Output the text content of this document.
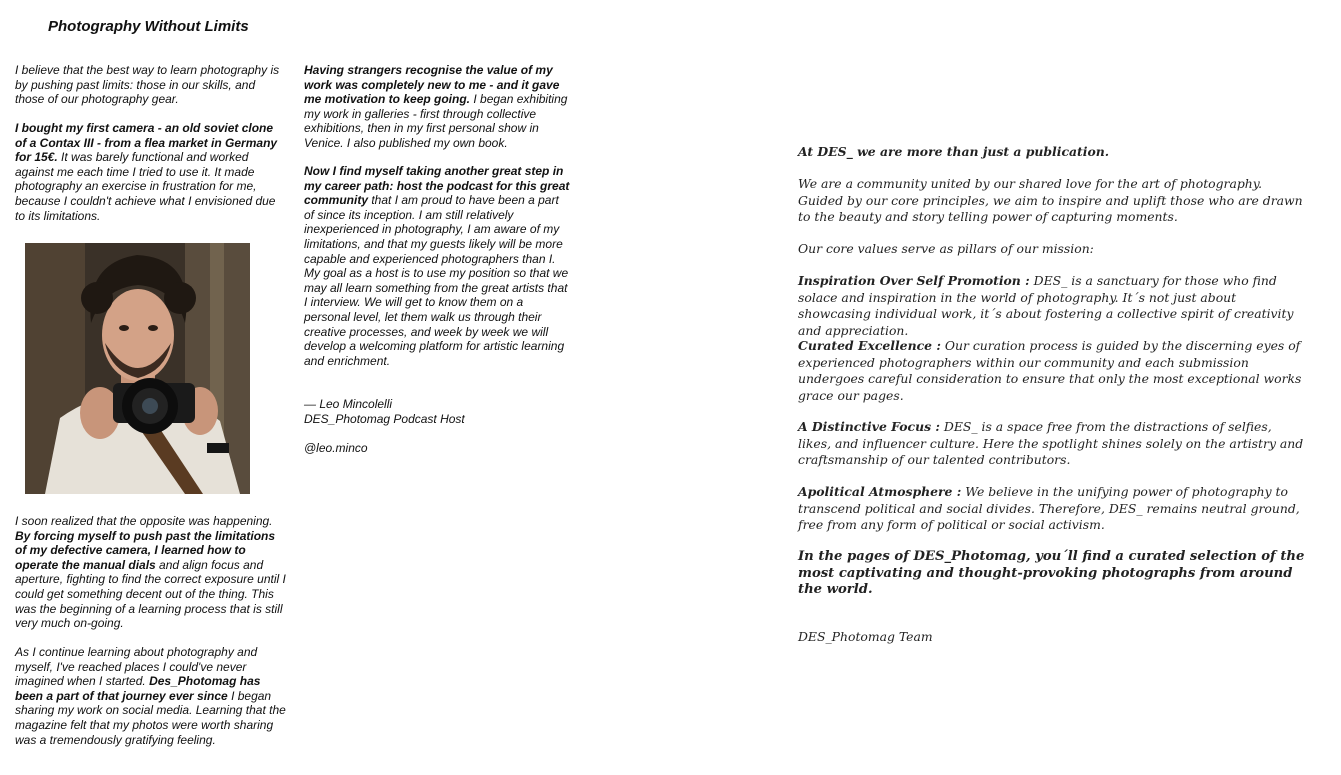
Photography Without Limits
I believe that the best way to learn photography is by pushing past limits: those in our skills, and those of our photography gear.
I bought my first camera - an old soviet clone of a Contax III - from a flea market in Germany for 15€. It was barely functional and worked against me each time I tried to use it. It made photography an exercise in frustration for me, because I couldn't achieve what I envisioned due to its limitations.
I soon realized that the opposite was happening. By forcing myself to push past the limitations of my defective camera, I learned how to operate the manual dials and align focus and aperture, fighting to find the correct exposure until I could get something decent out of the thing. This was the beginning of a learning process that is still very much on-going.
As I continue learning about photography and myself, I've reached places I could've never imagined when I started. Des_Photomag has been a part of that journey ever since I began sharing my work on social media. Learning that the magazine felt that my photos were worth sharing was a tremendously gratifying feeling.
Having strangers recognise the value of my work was completely new to me - and it gave me motivation to keep going. I began exhibiting my work in galleries - first through collective exhibitions, then in my first personal show in Venice. I also published my own book.
Now I find myself taking another great step in my career path: host the podcast for this great community that I am proud to have been a part of since its inception. I am still relatively inexperienced in photography, I am aware of my limitations, and that my guests likely will be more capable and experienced photographers than I. My goal as a host is to use my position so that we may all learn something from the great artists that I interview. We will get to know them on a personal level, let them walk us through their creative processes, and week by week we will develop a welcoming platform for artistic learning and enrichment.
— Leo Mincolelli
DES_Photomag Podcast Host
@leo.minco
At DES_ we are more than just a publication.
We are a community united by our shared love for the art of photography. Guided by our core principles, we aim to inspire and uplift those who are drawn to the beauty and story telling power of capturing moments.
Our core values serve as pillars of our mission:
Inspiration Over Self Promotion : DES_ is a sanctuary for those who find solace and inspiration in the world of photography. It´s not just about showcasing individual work, it´s about fostering a collective spirit of creativity and appreciation.
Curated Excellence : Our curation process is guided by the discerning eyes of experienced photographers within our community and each submission undergoes careful consideration to ensure that only the most exceptional works grace our pages.
A Distinctive Focus : DES_ is a space free from the distractions of selfies, likes, and influencer culture. Here the spotlight shines solely on the artistry and craftsmanship of our talented contributors.
Apolitical Atmosphere : We believe in the unifying power of photography to transcend political and social divides. Therefore, DES_ remains neutral ground, free from any form of political or social activism.
In the pages of DES_Photomag, you´ll find a curated selection of the most captivating and thought-provoking photographs from around the world.
DES_Photomag Team
